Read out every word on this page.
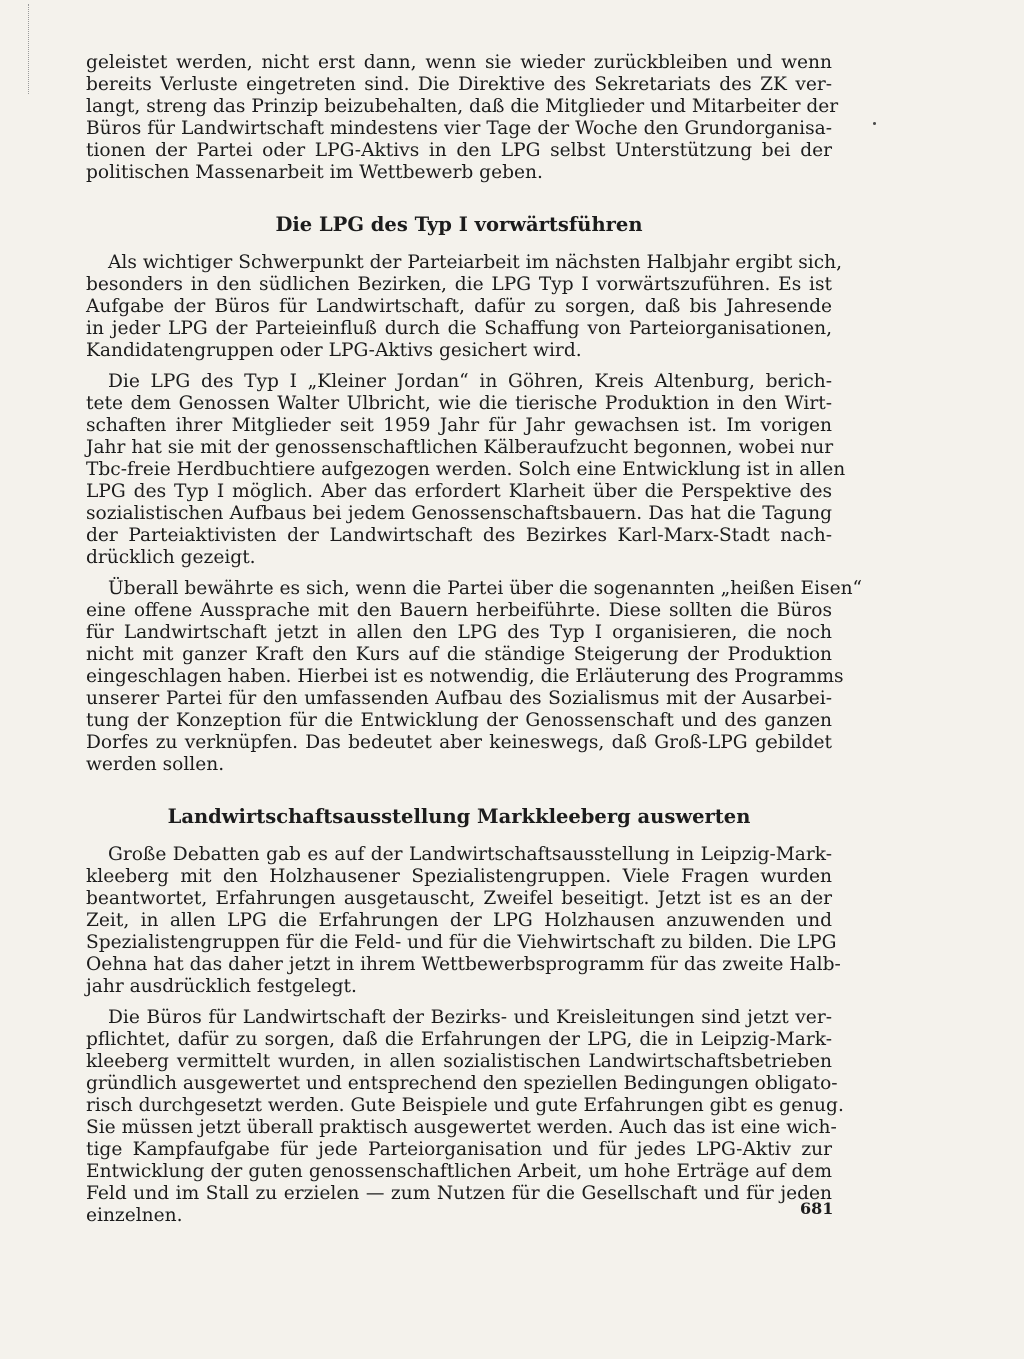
geleistet werden, nicht erst dann, wenn sie wieder zurückbleiben und wenn
bereits Verluste eingetreten sind. Die Direktive des Sekretariats des ZK ver-
langt, streng das Prinzip beizubehalten, daß die Mitglieder und Mitarbeiter der
Büros für Landwirtschaft mindestens vier Tage der Woche den Grundorganisa-
tionen der Partei oder LPG-Aktivs in den LPG selbst Unterstützung bei der
politischen Massenarbeit im Wettbewerb geben.
Die LPG des Typ I vorwärtsführen
Als wichtiger Schwerpunkt der Parteiarbeit im nächsten Halbjahr ergibt sich,
besonders in den südlichen Bezirken, die LPG Typ I vorwärtszuführen. Es ist
Aufgabe der Büros für Landwirtschaft, dafür zu sorgen, daß bis Jahresende
in jeder LPG der Parteieinfluß durch die Schaffung von Parteiorganisationen,
Kandidatengruppen oder LPG-Aktivs gesichert wird.
Die LPG des Typ I „Kleiner Jordan“ in Göhren, Kreis Altenburg, berich-
tete dem Genossen Walter Ulbricht, wie die tierische Produktion in den Wirt-
schaften ihrer Mitglieder seit 1959 Jahr für Jahr gewachsen ist. Im vorigen
Jahr hat sie mit der genossenschaftlichen Kälberaufzucht begonnen, wobei nur
Tbc-freie Herdbuchtiere aufgezogen werden. Solch eine Entwicklung ist in allen
LPG des Typ I möglich. Aber das erfordert Klarheit über die Perspektive des
sozialistischen Aufbaus bei jedem Genossenschaftsbauern. Das hat die Tagung
der Parteiaktivisten der Landwirtschaft des Bezirkes Karl-Marx-Stadt nach-
drücklich gezeigt.
Überall bewährte es sich, wenn die Partei über die sogenannten „heißen Eisen“
eine offene Aussprache mit den Bauern herbeiführte. Diese sollten die Büros
für Landwirtschaft jetzt in allen den LPG des Typ I organisieren, die noch
nicht mit ganzer Kraft den Kurs auf die ständige Steigerung der Produktion
eingeschlagen haben. Hierbei ist es notwendig, die Erläuterung des Programms
unserer Partei für den umfassenden Aufbau des Sozialismus mit der Ausarbei-
tung der Konzeption für die Entwicklung der Genossenschaft und des ganzen
Dorfes zu verknüpfen. Das bedeutet aber keineswegs, daß Groß-LPG gebildet
werden sollen.
Landwirtschaftsausstellung Markkleeberg auswerten
Große Debatten gab es auf der Landwirtschaftsausstellung in Leipzig-Mark-
kleeberg mit den Holzhausener Spezialistengruppen. Viele Fragen wurden
beantwortet, Erfahrungen ausgetauscht, Zweifel beseitigt. Jetzt ist es an der
Zeit, in allen LPG die Erfahrungen der LPG Holzhausen anzuwenden und
Spezialistengruppen für die Feld- und für die Viehwirtschaft zu bilden. Die LPG
Oehna hat das daher jetzt in ihrem Wettbewerbsprogramm für das zweite Halb-
jahr ausdrücklich festgelegt.
Die Büros für Landwirtschaft der Bezirks- und Kreisleitungen sind jetzt ver-
pflichtet, dafür zu sorgen, daß die Erfahrungen der LPG, die in Leipzig-Mark-
kleeberg vermittelt wurden, in allen sozialistischen Landwirtschaftsbetrieben
gründlich ausgewertet und entsprechend den speziellen Bedingungen obligato-
risch durchgesetzt werden. Gute Beispiele und gute Erfahrungen gibt es genug.
Sie müssen jetzt überall praktisch ausgewertet werden. Auch das ist eine wich-
tige Kampfaufgabe für jede Parteiorganisation und für jedes LPG-Aktiv zur
Entwicklung der guten genossenschaftlichen Arbeit, um hohe Erträge auf dem
Feld und im Stall zu erzielen — zum Nutzen für die Gesellschaft und für jeden
einzelnen.	681
